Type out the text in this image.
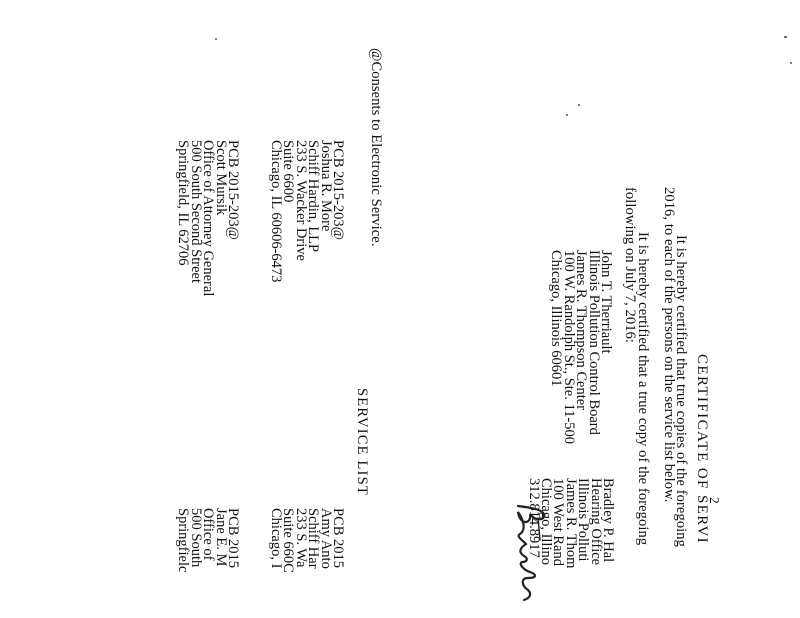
2
CERTIFICATE OF SERVI
It is hereby certified that true copies of the foregoing
2016, to each of the persons on the service list below.
It is hereby certified that a true copy of the foregoing
following on July 7, 2016:
John T. Therriault
Illinois Pollution Control Board
James R. Thompson Center
100 W. Randolph St., Ste. 11-500
Chicago, Illinois 60601
Bradley P. Hal
Hearing Office
Illinois Polluti
James R. Thom
100 West Rand
Chicago, Illino
312.814.8917
@Consents to Electronic Service.
SERVICE LIST
PCB 2015-203@
Joshua R. More
Schiff Hardin, LLP
233 S. Wacker Drive
Suite 6600
Chicago, IL 60606-6473
PCB 2015
Amy Anto
Schiff Har
233 S. Wa
Suite 660C
Chicago, I
PCB 2015-203@
Scott Mursik
Office of Attorney General
500 South Second Street
Springfield, IL 62706
PCB 2015
Jane E. M
Office of
500 South
Springfielc
